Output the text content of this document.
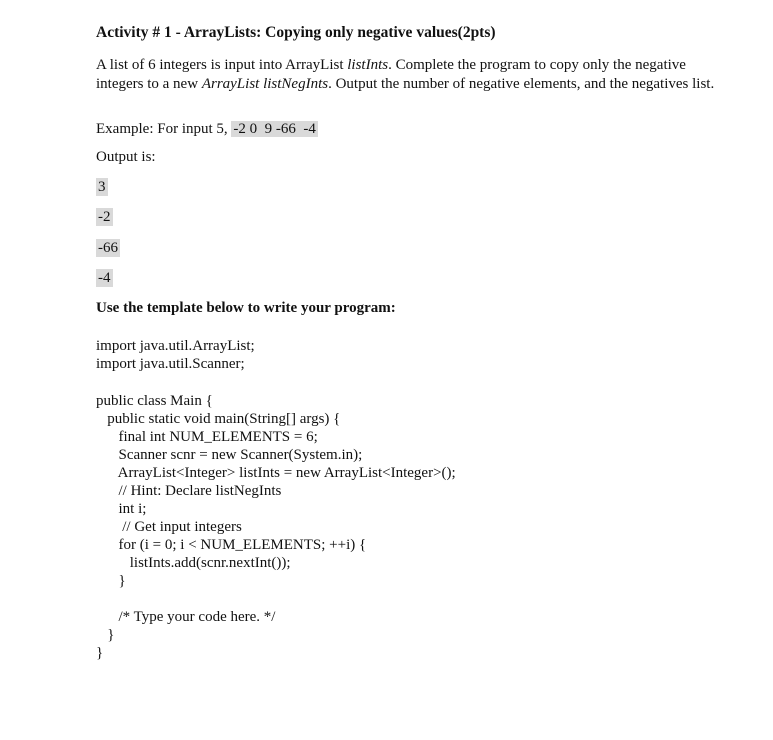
Activity # 1 - ArrayLists: Copying only negative values(2pts)
A list of 6 integers is input into ArrayList listInts. Complete the program to copy only the negative integers to a new ArrayList listNegInts. Output the number of negative elements, and the negatives list.
Example: For input 5, -2 0  9 -66  -4
Output is:
3
-2
-66
-4
Use the template below to write your program:
import java.util.ArrayList;
import java.util.Scanner;
public class Main {
public static void main(String[] args) {
final int NUM_ELEMENTS = 6;
Scanner scnr = new Scanner(System.in);
ArrayList<Integer> listInts = new ArrayList<Integer>();
// Hint: Declare listNegInts
int i;
// Get input integers
for (i = 0; i < NUM_ELEMENTS; ++i) {
listInts.add(scnr.nextInt());
}
/* Type your code here. */
}
}
